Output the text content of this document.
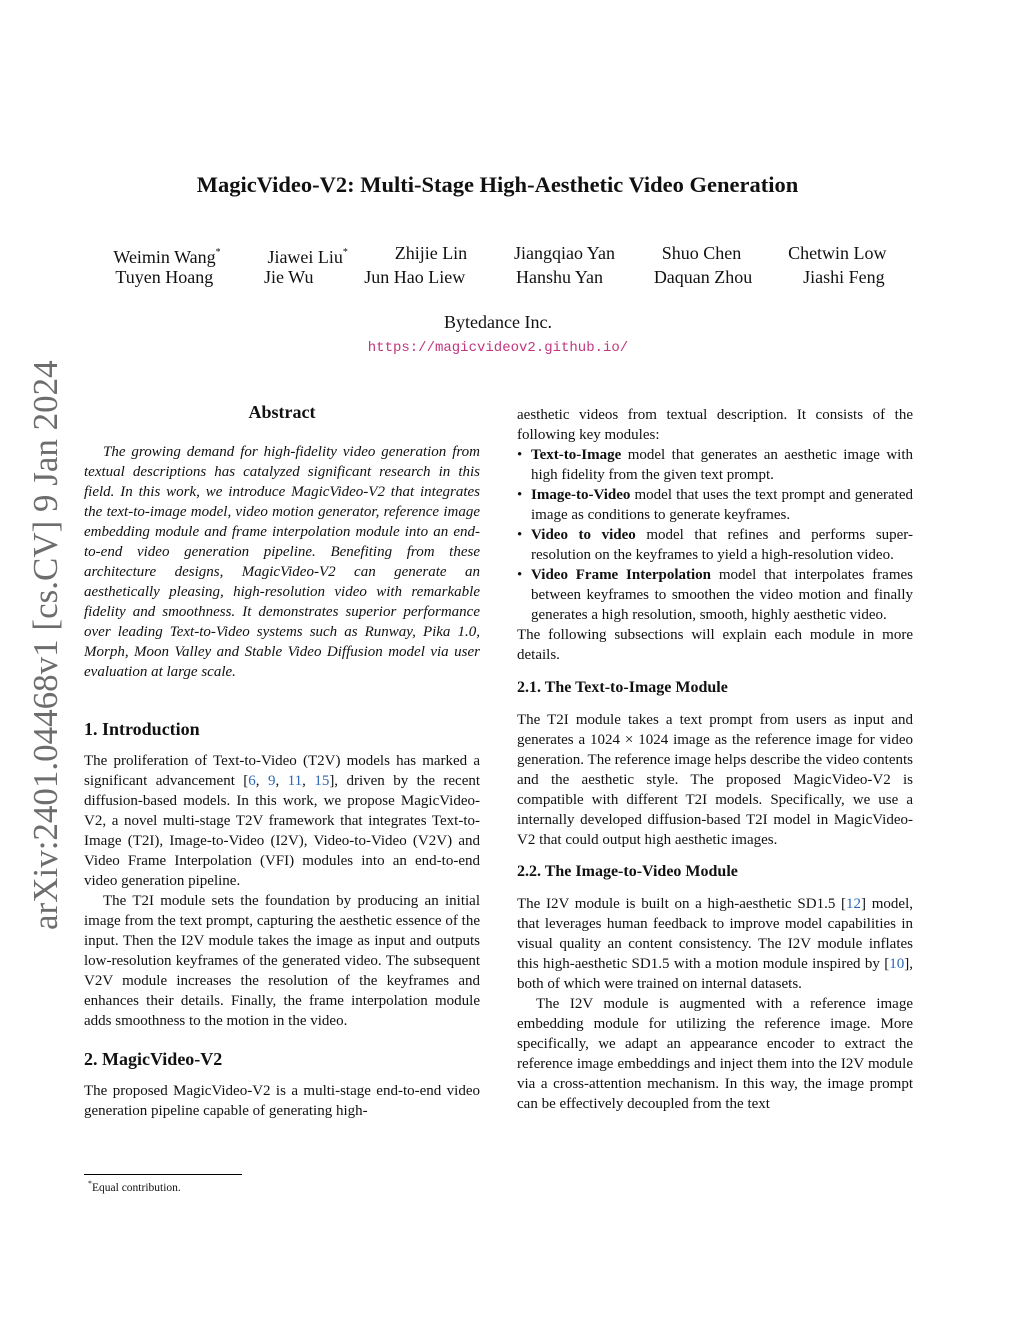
arXiv:2401.04468v1 [cs.CV] 9 Jan 2024
MagicVideo-V2: Multi-Stage High-Aesthetic Video Generation
Weimin Wang*	Jiawei Liu*	Zhijie Lin	Jiangqiao Yan	Shuo Chen	Chetwin Low
Tuyen Hoang	Jie Wu	Jun Hao Liew	Hanshu Yan	Daquan Zhou	Jiashi Feng
Bytedance Inc.
https://magicvideov2.github.io/
Abstract

The growing demand for high-fidelity video generation from textual descriptions has catalyzed significant research in this field. In this work, we introduce MagicVideo-V2 that integrates the text-to-image model, video motion generator, reference image embedding module and frame interpolation module into an end-to-end video generation pipeline. Benefiting from these architecture designs, MagicVideo-V2 can generate an aesthetically pleasing, high-resolution video with remarkable fidelity and smoothness. It demonstrates superior performance over leading Text-to-Video systems such as Runway, Pika 1.0, Morph, Moon Valley and Stable Video Diffusion model via user evaluation at large scale.

1. Introduction

The proliferation of Text-to-Video (T2V) models has marked a significant advancement [6, 9, 11, 15], driven by the recent diffusion-based models. In this work, we propose MagicVideo-V2, a novel multi-stage T2V framework that integrates Text-to-Image (T2I), Image-to-Video (I2V), Video-to-Video (V2V) and Video Frame Interpolation (VFI) modules into an end-to-end video generation pipeline.

The T2I module sets the foundation by producing an initial image from the text prompt, capturing the aesthetic essence of the input. Then the I2V module takes the image as input and outputs low-resolution keyframes of the generated video. The subsequent V2V module increases the resolution of the keyframes and enhances their details. Finally, the frame interpolation module adds smoothness to the motion in the video.

2. MagicVideo-V2

The proposed MagicVideo-V2 is a multi-stage end-to-end video generation pipeline capable of generating high-

*Equal contribution.

aesthetic videos from textual description. It consists of the following key modules:

• Text-to-Image model that generates an aesthetic image with high fidelity from the given text prompt.
• Image-to-Video model that uses the text prompt and generated image as conditions to generate keyframes.
• Video to video model that refines and performs super-resolution on the keyframes to yield a high-resolution video.
• Video Frame Interpolation model that interpolates frames between keyframes to smoothen the video motion and finally generates a high resolution, smooth, highly aesthetic video.

The following subsections will explain each module in more details.

2.1. The Text-to-Image Module

The T2I module takes a text prompt from users as input and generates a 1024 × 1024 image as the reference image for video generation. The reference image helps describe the video contents and the aesthetic style. The proposed MagicVideo-V2 is compatible with different T2I models. Specifically, we use a internally developed diffusion-based T2I model in MagicVideo-V2 that could output high aesthetic images.

2.2. The Image-to-Video Module

The I2V module is built on a high-aesthetic SD1.5 [12] model, that leverages human feedback to improve model capabilities in visual quality an content consistency. The I2V module inflates this high-aesthetic SD1.5 with a motion module inspired by [10], both of which were trained on internal datasets.

The I2V module is augmented with a reference image embedding module for utilizing the reference image. More specifically, we adapt an appearance encoder to extract the reference image embeddings and inject them into the I2V module via a cross-attention mechanism. In this way, the image prompt can be effectively decoupled from the text
